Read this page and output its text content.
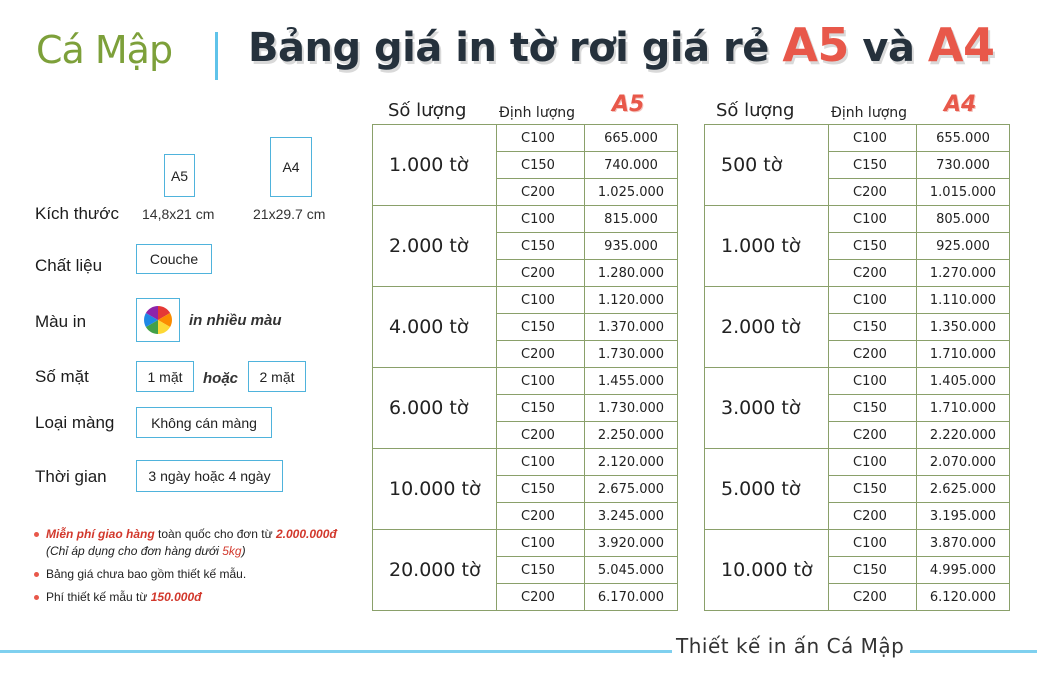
Cá Mập Bảng giá in tờ rơi giá rẻ A5 và A4
A5
A4
Kích thước 14,8x21 cm	21x29.7 cm
Chất liệu	Couche
Màu in	in nhiều màu
Số mặt	1 mặt	hoặc	2 mặt
Loại màng	Không cán màng
Thời gian	3 ngày hoặc 4 ngày
Miễn phí giao hàng toàn quốc cho đơn từ 2.000.000đ
(Chỉ áp dụng cho đơn hàng dưới 5kg)
Bảng giá chưa bao gồm thiết kế mẫu.
Phí thiết kế mẫu từ 150.000đ
Số lượng Định lượng A5
1.000 tờ	C100	665.000
	C150	740.000
	C200	1.025.000
2.000 tờ	C100	815.000
	C150	935.000
	C200	1.280.000
4.000 tờ	C100	1.120.000
	C150	1.370.000
	C200	1.730.000
6.000 tờ	C100	1.455.000
	C150	1.730.000
	C200	2.250.000
10.000 tờ	C100	2.120.000
	C150	2.675.000
	C200	3.245.000
20.000 tờ	C100	3.920.000
	C150	5.045.000
	C200	6.170.000
Số lượng	Định lượng A4
500 tờ	C100	655.000
	C150	730.000
	C200	1.015.000
1.000 tờ	C100	805.000
	C150	925.000
	C200	1.270.000
2.000 tờ	C100	1.110.000
	C150	1.350.000
	C200	1.710.000
3.000 tờ	C100	1.405.000
	C150	1.710.000
	C200	2.220.000
5.000 tờ	C100	2.070.000
	C150	2.625.000
	C200	3.195.000
10.000 tờ	C100	3.870.000
	C150	4.995.000
	C200	6.120.000
Thiết kế in ấn Cá Mập
